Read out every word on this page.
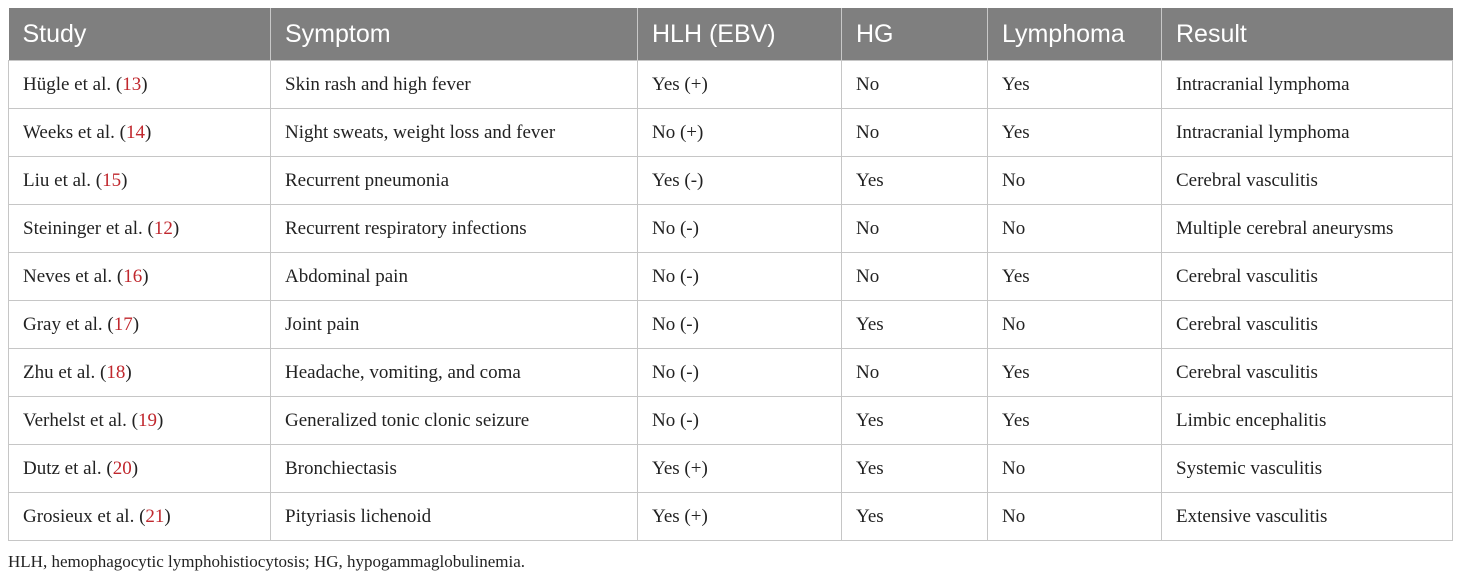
Study	Symptom	HLH (EBV)	HG	Lymphoma	Result
Hügle et al. (13)	Skin rash and high fever	Yes (+)	No	Yes	Intracranial lymphoma
Weeks et al. (14)	Night sweats, weight loss and fever	No (+)	No	Yes	Intracranial lymphoma
Liu et al. (15)	Recurrent pneumonia	Yes (-)	Yes	No	Cerebral vasculitis
Steininger et al. (12)	Recurrent respiratory infections	No (-)	No	No	Multiple cerebral aneurysms
Neves et al. (16)	Abdominal pain	No (-)	No	Yes	Cerebral vasculitis
Gray et al. (17)	Joint pain	No (-)	Yes	No	Cerebral vasculitis
Zhu et al. (18)	Headache, vomiting, and coma	No (-)	No	Yes	Cerebral vasculitis
Verhelst et al. (19)	Generalized tonic clonic seizure	No (-)	Yes	Yes	Limbic encephalitis
Dutz et al. (20)	Bronchiectasis	Yes (+)	Yes	No	Systemic vasculitis
Grosieux et al. (21)	Pityriasis lichenoid	Yes (+)	Yes	No	Extensive vasculitis
HLH, hemophagocytic lymphohistiocytosis; HG, hypogammaglobulinemia.
